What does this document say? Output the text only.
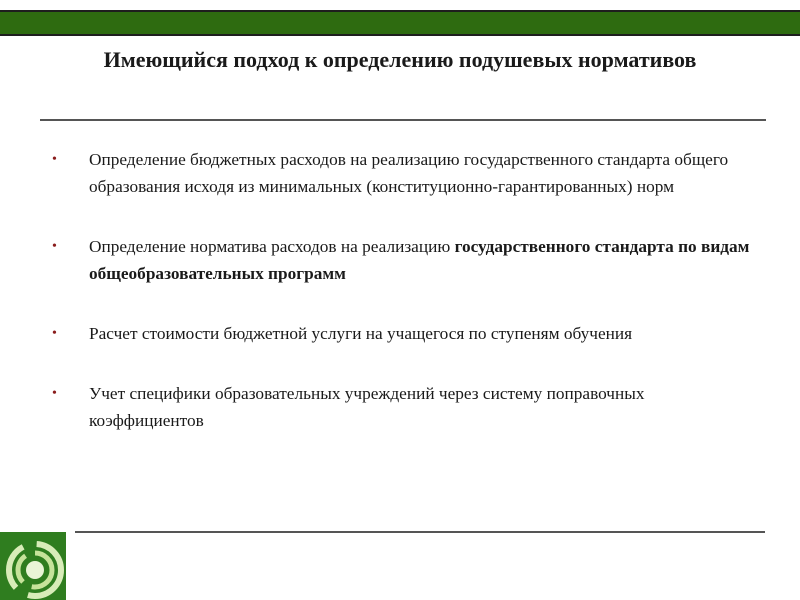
Имеющийся подход к определению подушевых нормативов
• Определение бюджетных расходов на реализацию государственного стандарта общего образования исходя из минимальных (конституционно-гарантированных) норм
• Определение норматива расходов на реализацию государственного стандарта по видам общеобразовательных программ
• Расчет стоимости бюджетной услуги на учащегося по ступеням обучения
• Учет специфики образовательных учреждений через систему поправочных коэффициентов
